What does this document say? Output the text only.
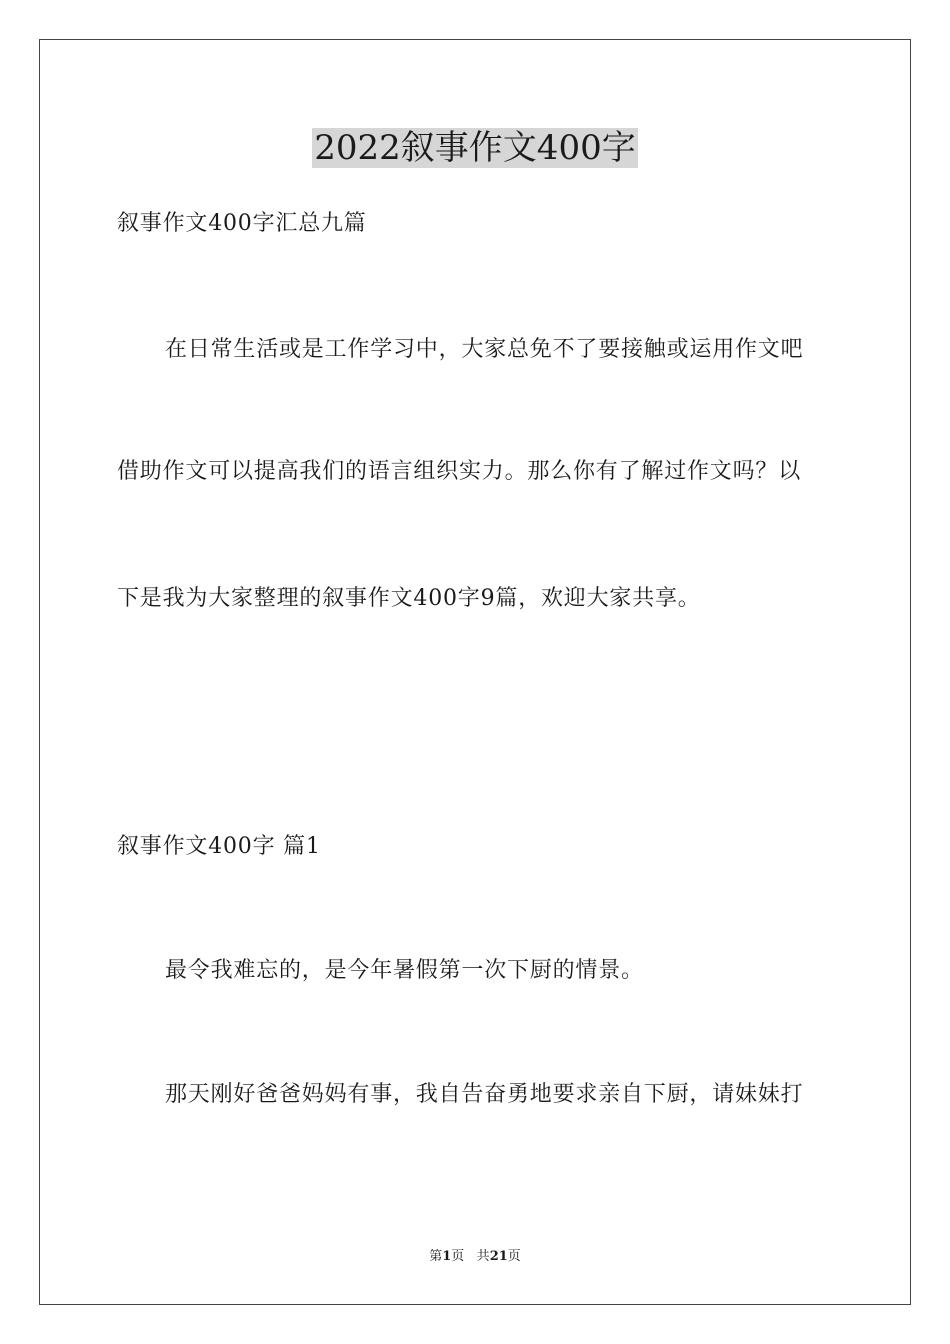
2022叙事作文400字

叙事作文400字汇总九篇

在日常生活或是工作学习中，大家总免不了要接触或运用作文吧

借助作文可以提高我们的语言组织实力。那么你有了解过作文吗？以

下是我为大家整理的叙事作文400字9篇，欢迎大家共享。

叙事作文400字 篇1

最令我难忘的，是今年暑假第一次下厨的情景。

那天刚好爸爸妈妈有事，我自告奋勇地要求亲自下厨，请妹妹打

第1页 共21页
